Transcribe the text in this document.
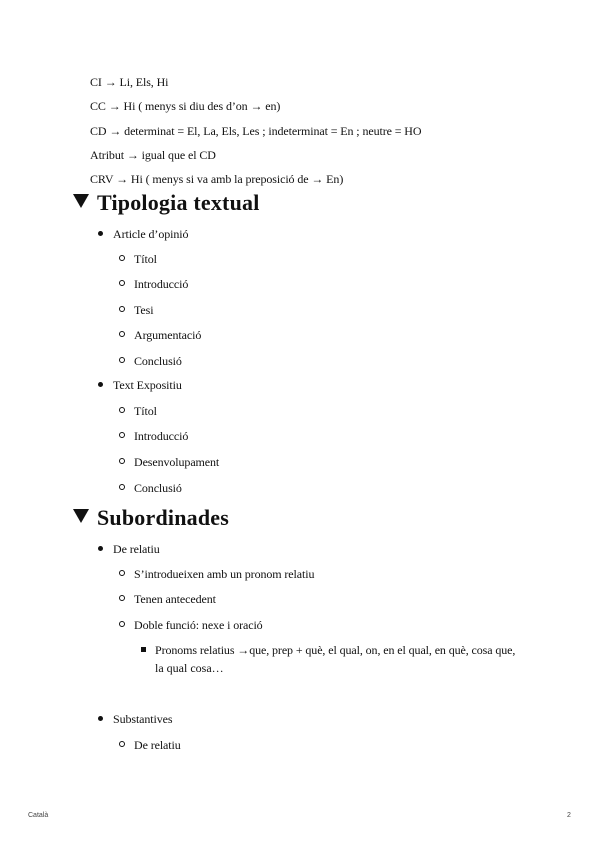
CI → Li, Els, Hi
CC → Hi ( menys si diu des d’on → en)
CD → determinat = El, La, Els, Les ; indeterminat = En ; neutre = HO
Atribut → igual que el CD
CRV → Hi ( menys si va amb la preposició de → En)
Tipologia textual
Article d’opinió
Títol
Introducció
Tesi
Argumentació
Conclusió
Text Expositiu
Títol
Introducció
Desenvolupament
Conclusió
Subordinades
De relatiu
S’introdueixen amb un pronom relatiu
Tenen antecedent
Doble funció: nexe i oració
Pronoms relatius →que, prep + què, el qual, on, en el qual, en què, cosa que,
la qual cosa…
Substantives
De relatiu
Català	2
